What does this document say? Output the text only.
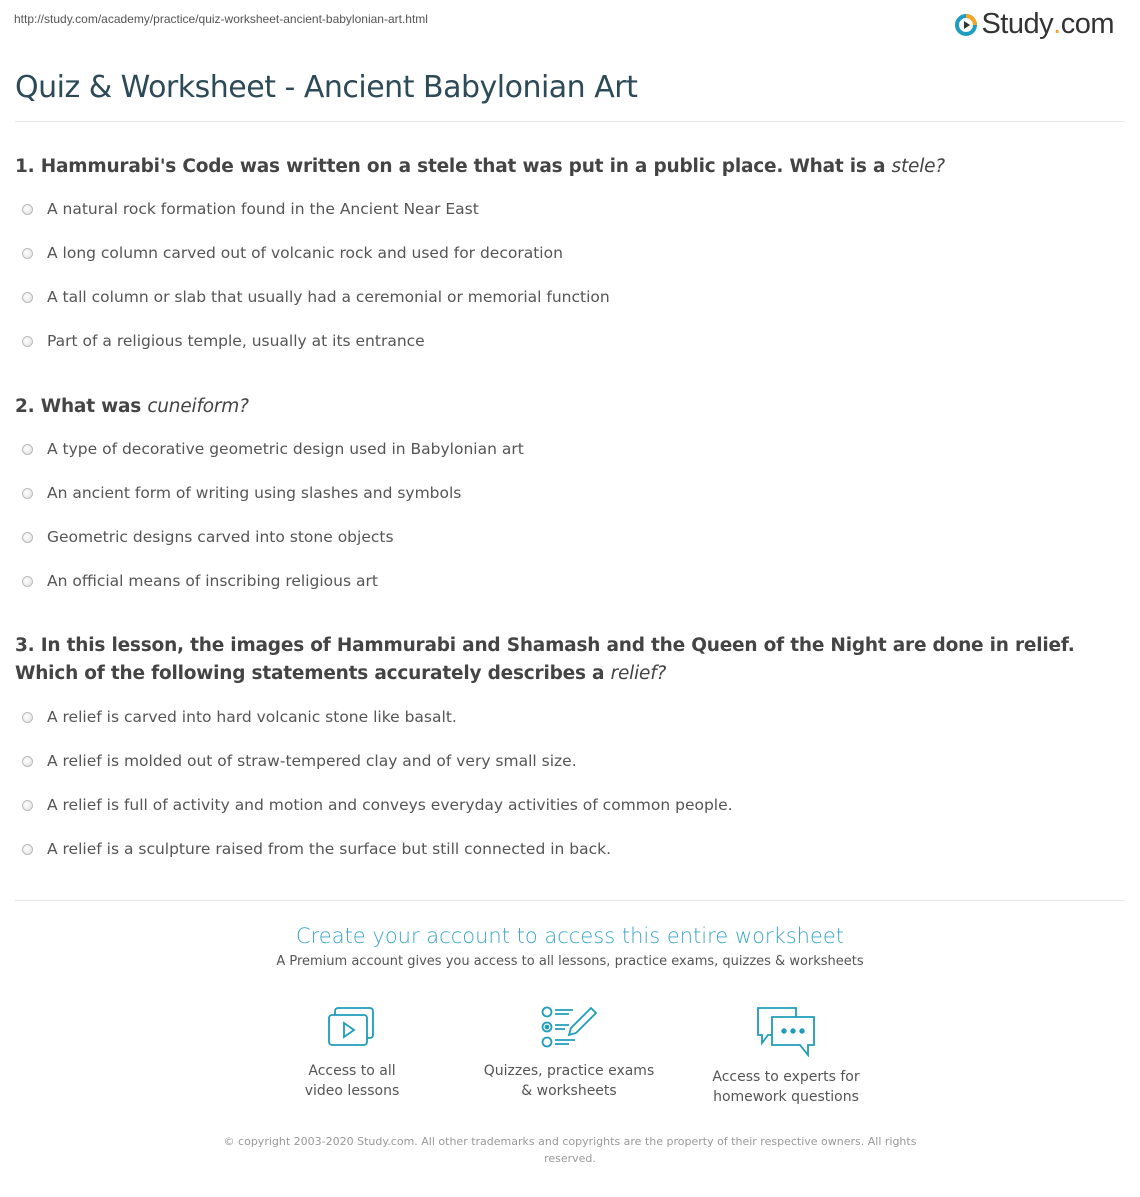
http://study.com/academy/practice/quiz-worksheet-ancient-babylonian-art.html	Study . com
Quiz & Worksheet - Ancient Babylonian Art
1. Hammurabi's Code was written on a stele that was put in a public place. What is a stele?
A natural rock formation found in the Ancient Near East
A long column carved out of volcanic rock and used for decoration
A tall column or slab that usually had a ceremonial or memorial function
Part of a religious temple, usually at its entrance
2. What was cuneiform?
A type of decorative geometric design used in Babylonian art
An ancient form of writing using slashes and symbols
Geometric designs carved into stone objects
An official means of inscribing religious art
3. In this lesson, the images of Hammurabi and Shamash and the Queen of the Night are done in relief. Which of the following statements accurately describes a relief?
A relief is carved into hard volcanic stone like basalt.
A relief is molded out of straw-tempered clay and of very small size.
A relief is full of activity and motion and conveys everyday activities of common people.
A relief is a sculpture raised from the surface but still connected in back.
Create your account to access this entire worksheet
A Premium account gives you access to all lessons, practice exams, quizzes & worksheets
Access to all
video lessons
Quizzes, practice exams
& worksheets
Access to experts for
homework questions
© copyright 2003-2020 Study.com. All other trademarks and copyrights are the property of their respective owners. All rights reserved.
